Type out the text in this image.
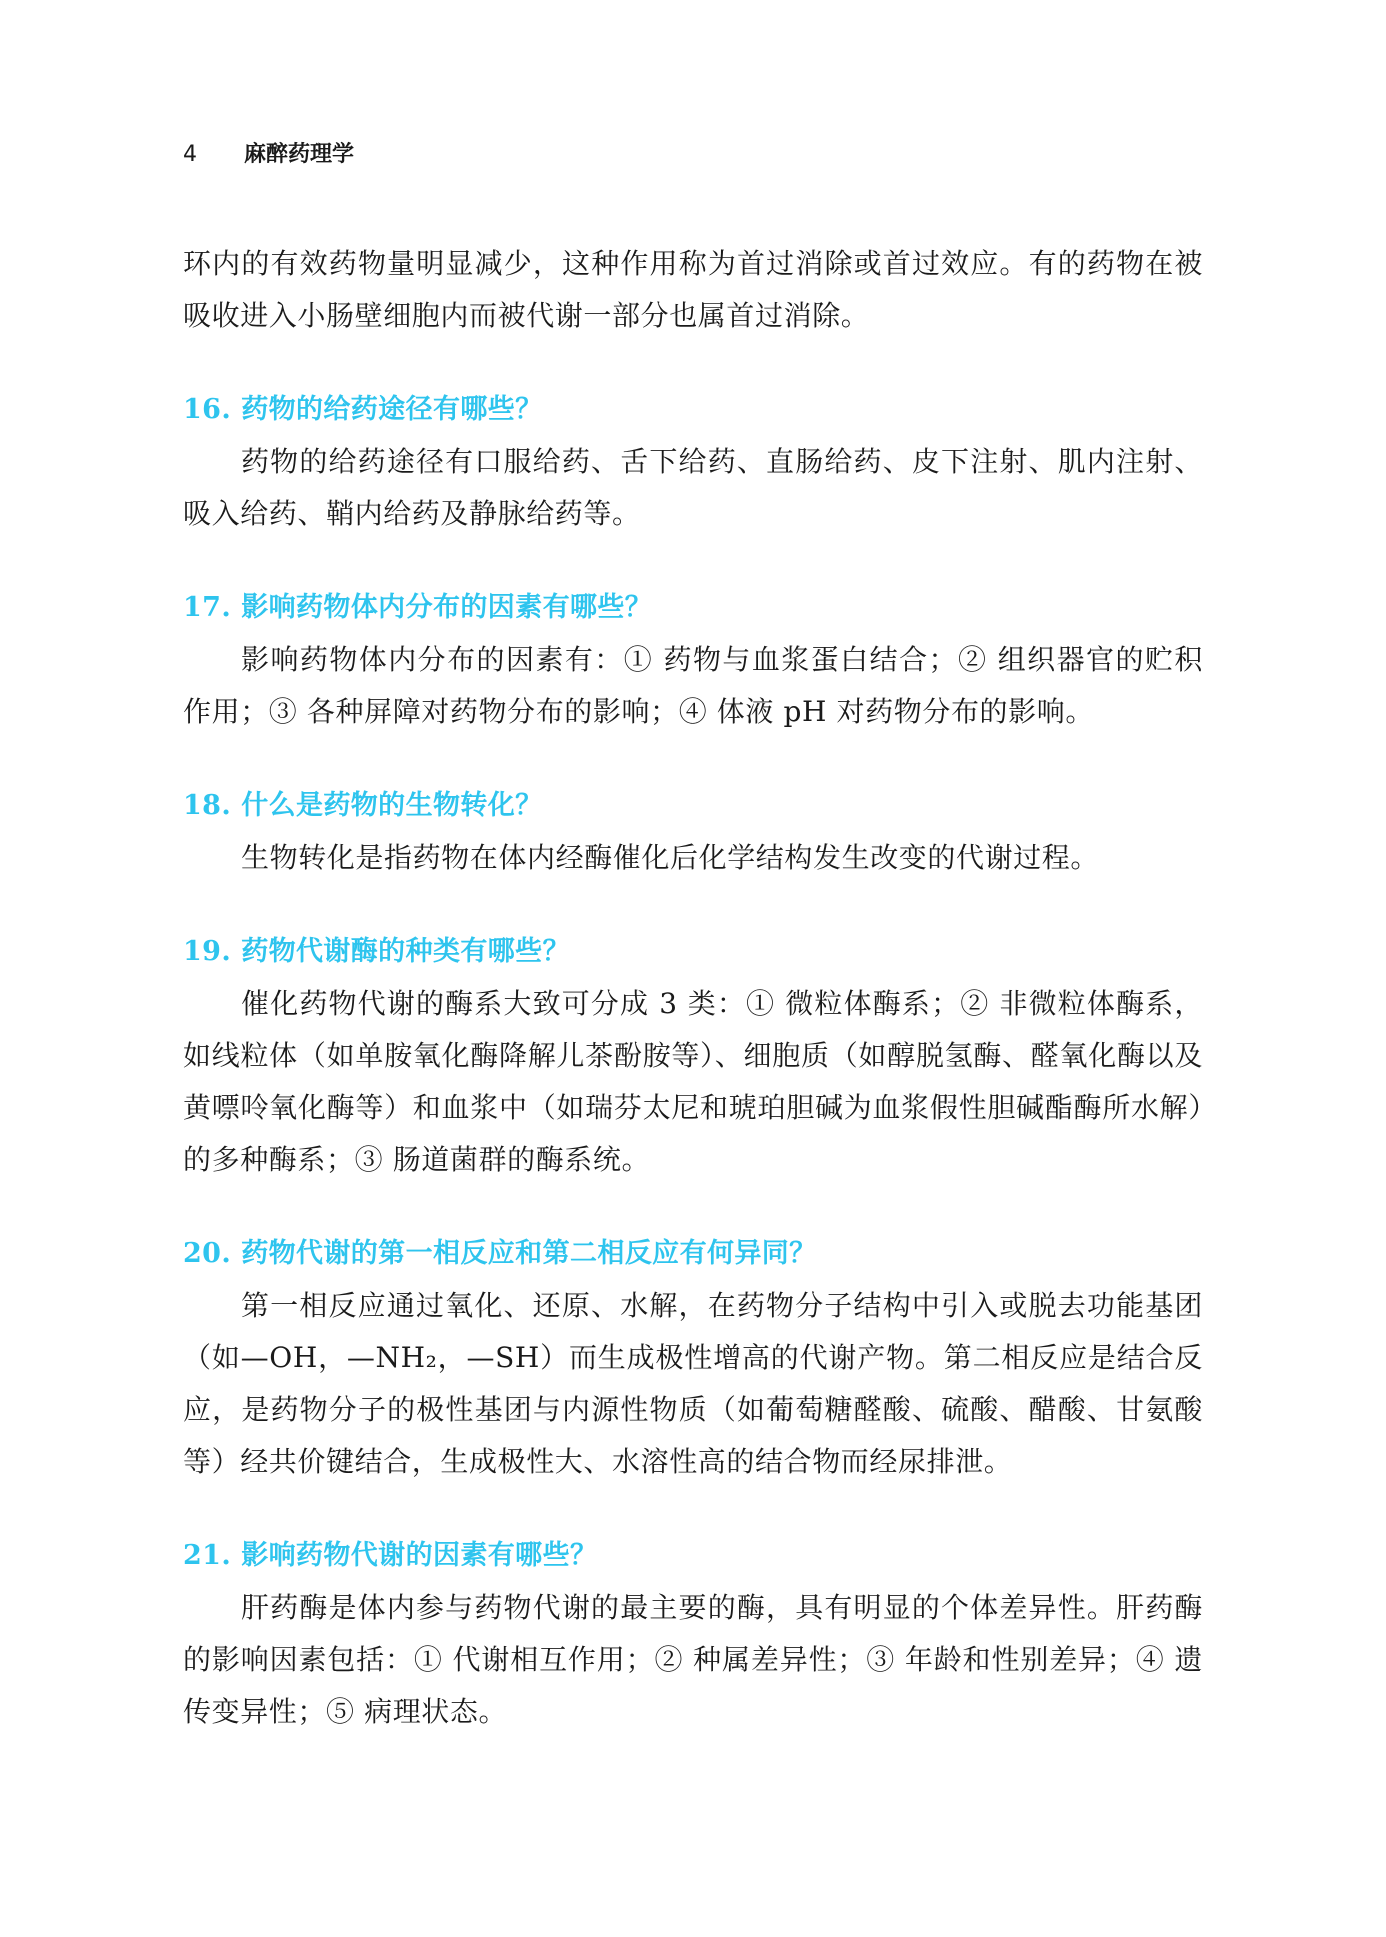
4 麻醉药理学

环内的有效药物量明显减少，这种作用称为首过消除或首过效应。有的药物在被吸收进入小肠壁细胞内而被代谢一部分也属首过消除。

16. 药物的给药途径有哪些？

药物的给药途径有口服给药、舌下给药、直肠给药、皮下注射、肌内注射、吸入给药、鞘内给药及静脉给药等。

17. 影响药物体内分布的因素有哪些？

影响药物体内分布的因素有：① 药物与血浆蛋白结合；② 组织器官的贮积作用；③ 各种屏障对药物分布的影响；④ 体液 pH 对药物分布的影响。

18. 什么是药物的生物转化？

生物转化是指药物在体内经酶催化后化学结构发生改变的代谢过程。

19. 药物代谢酶的种类有哪些？

催化药物代谢的酶系大致可分成 3 类：① 微粒体酶系；② 非微粒体酶系，如线粒体（如单胺氧化酶降解儿茶酚胺等）、细胞质（如醇脱氢酶、醛氧化酶以及黄嘌呤氧化酶等）和血浆中（如瑞芬太尼和琥珀胆碱为血浆假性胆碱酯酶所水解）的多种酶系；③ 肠道菌群的酶系统。

20. 药物代谢的第一相反应和第二相反应有何异同？

第一相反应通过氧化、还原、水解，在药物分子结构中引入或脱去功能基团（如—OH，—NH₂，—SH）而生成极性增高的代谢产物。第二相反应是结合反应，是药物分子的极性基团与内源性物质（如葡萄糖醛酸、硫酸、醋酸、甘氨酸等）经共价键结合，生成极性大、水溶性高的结合物而经尿排泄。

21. 影响药物代谢的因素有哪些？

肝药酶是体内参与药物代谢的最主要的酶，具有明显的个体差异性。肝药酶的影响因素包括：① 代谢相互作用；② 种属差异性；③ 年龄和性别差异；④ 遗传变异性；⑤ 病理状态。
